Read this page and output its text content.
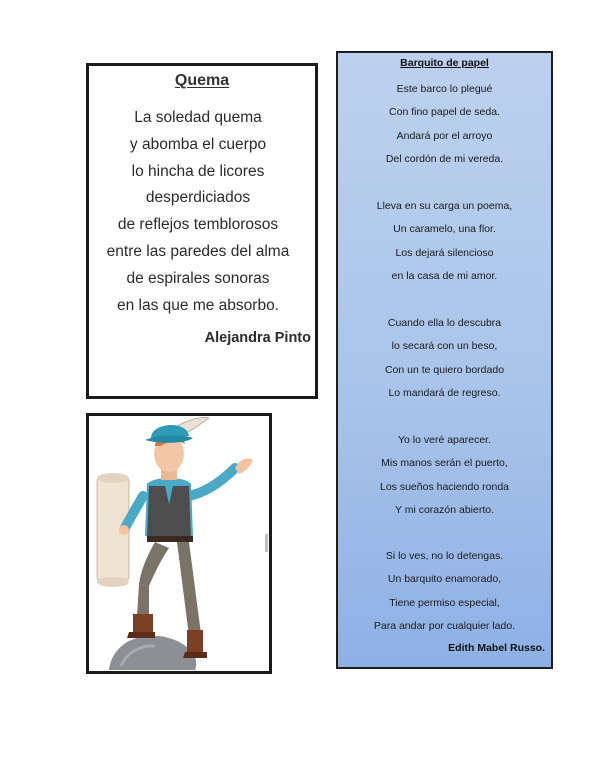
Quema
La soledad quema
y abomba el cuerpo
lo hincha de licores
desperdiciados
de reflejos temblorosos
entre las paredes del alma
de espirales sonoras
en las que me absorbo.
Alejandra Pinto
Barquito de papel
Este barco lo plegué
Con fino papel de seda.
Andará por el arroyo
Del cordón de mi vereda.
Lleva en su carga un poema,
Un caramelo, una flor.
Los dejará silencioso
en la casa de mi amor.
Cuando ella lo descubra
lo secará con un beso,
Con un te quiero bordado
Lo mandará de regreso.
Yo lo veré aparecer.
Mis manos serán el puerto,
Los sueños haciendo ronda
Y mi corazón abierto.
Si lo ves, no lo detengas.
Un barquito enamorado,
Tiene permiso especial,
Para andar por cualquier lado.
Edith Mabel Russo.
